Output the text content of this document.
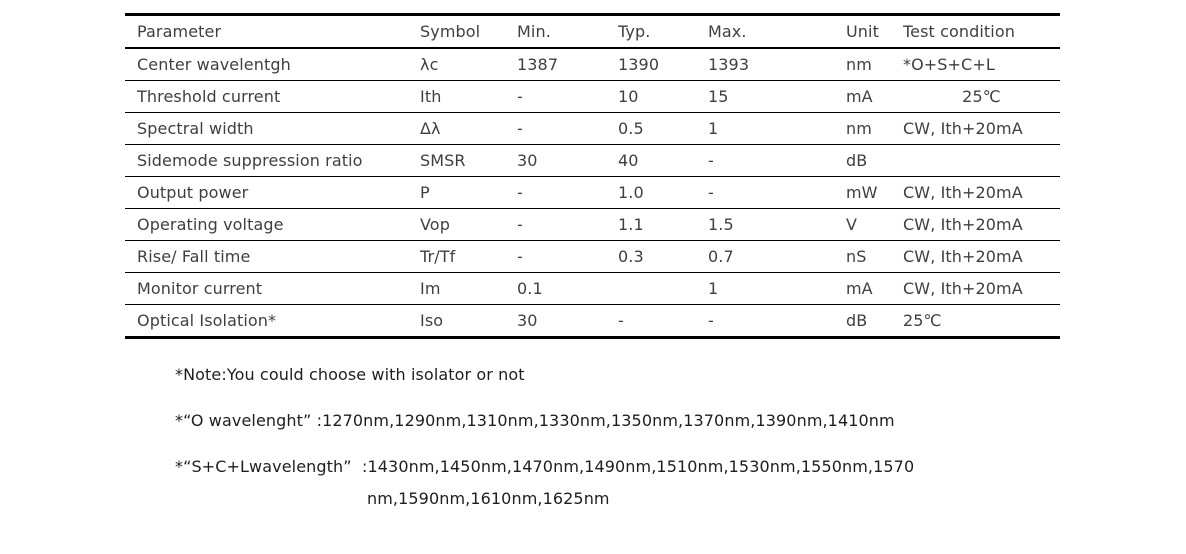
Parameter	Symbol	Min.	Typ.	Max.	Unit	Test condition
Center wavelentgh	λc	1387	1390	1393	nm	*O+S+C+L
Threshold current	Ith	-	10	15	mA	25℃
Spectral width	Δλ	-	0.5	1	nm	CW, Ith+20mA
Sidemode suppression ratio	SMSR	30	40	-	dB	
Output power	P	-	1.0	-	mW	CW, Ith+20mA
Operating voltage	Vop	-	1.1	1.5	V	CW, Ith+20mA
Rise/ Fall time	Tr/Tf	-	0.3	0.7	nS	CW, Ith+20mA
Monitor current	Im	0.1		1	mA	CW, Ith+20mA
Optical Isolation*	Iso	30	-	-	dB	25℃
*Note:You could choose with isolator or not
*“O wavelenght” :1270nm,1290nm,1310nm,1330nm,1350nm,1370nm,1390nm,1410nm
*“S+C+Lwavelength”  :1430nm,1450nm,1470nm,1490nm,1510nm,1530nm,1550nm,1570
nm,1590nm,1610nm,1625nm
